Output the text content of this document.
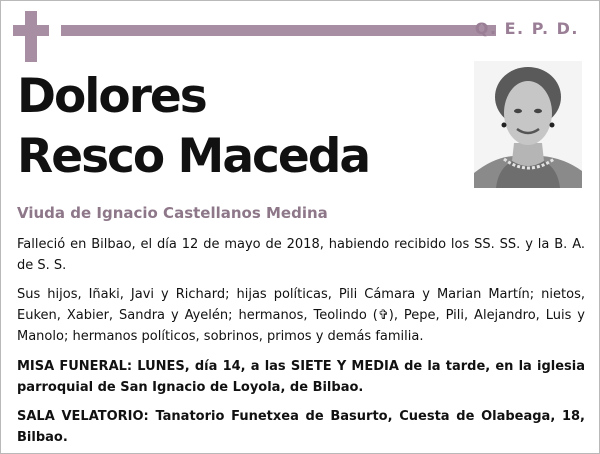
Q. E. P. D.
Dolores
Resco Maceda
Viuda de Ignacio Castellanos Medina

Falleció en Bilbao, el día 12 de mayo de 2018, habiendo recibido los SS. SS. y la B. A. de S. S.

Sus hijos, Iñaki, Javi y Richard; hijas políticas, Pili Cámara y Marian Martín; nietos, Euken, Xabier, Sandra y Ayelén; hermanos, Teolindo (✞), Pepe, Pili, Alejandro, Luis y Manolo; hermanos políticos, sobrinos, primos y demás familia.

MISA FUNERAL: LUNES, día 14, a las SIETE Y MEDIA de la tarde, en la iglesia parroquial de San Ignacio de Loyola, de Bilbao.

SALA VELATORIO: Tanatorio Funetxea de Basurto, Cuesta de Olabeaga, 18, Bilbao.
